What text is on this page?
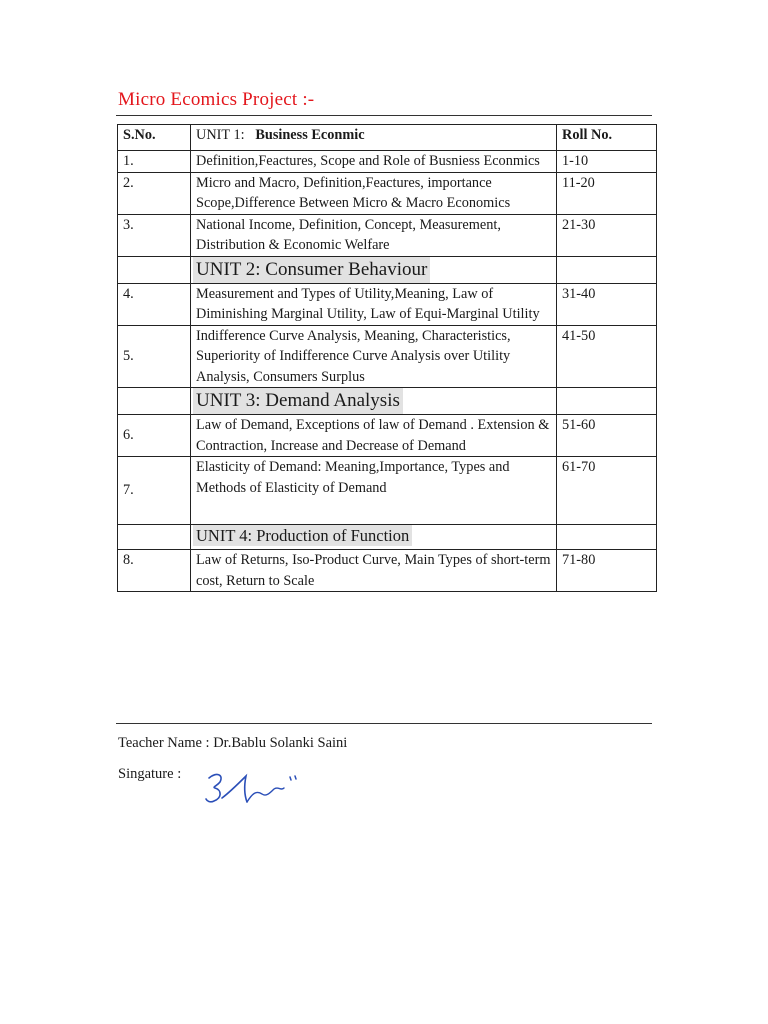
Micro Ecomics Project :-
S.No.	UNIT 1: Business Econmic	Roll No.
1.	Definition,Feactures, Scope and Role of Busniess Econmics	1-10
2.	Micro and Macro, Definition,Feactures, importance Scope,Difference Between Micro & Macro Economics	11-20
3.	National Income, Definition, Concept, Measurement, Distribution & Economic Welfare	21-30
	UNIT 2: Consumer Behaviour	
4.	Measurement and Types of Utility,Meaning, Law of Diminishing Marginal Utility, Law of Equi-Marginal Utility	31-40
5.	Indifference Curve Analysis, Meaning, Characteristics, Superiority of Indifference Curve Analysis over Utility Analysis, Consumers Surplus	41-50
	UNIT 3: Demand Analysis	
6.	Law of Demand, Exceptions of law of Demand . Extension & Contraction, Increase and Decrease of Demand	51-60
7.	Elasticity of Demand: Meaning,Importance, Types and Methods of Elasticity of Demand	61-70
	UNIT 4: Production of Function	
8.	Law of Returns, Iso-Product Curve, Main Types of short-term cost, Return to Scale	71-80
Teacher Name : Dr.Bablu Solanki Saini
Singature :
